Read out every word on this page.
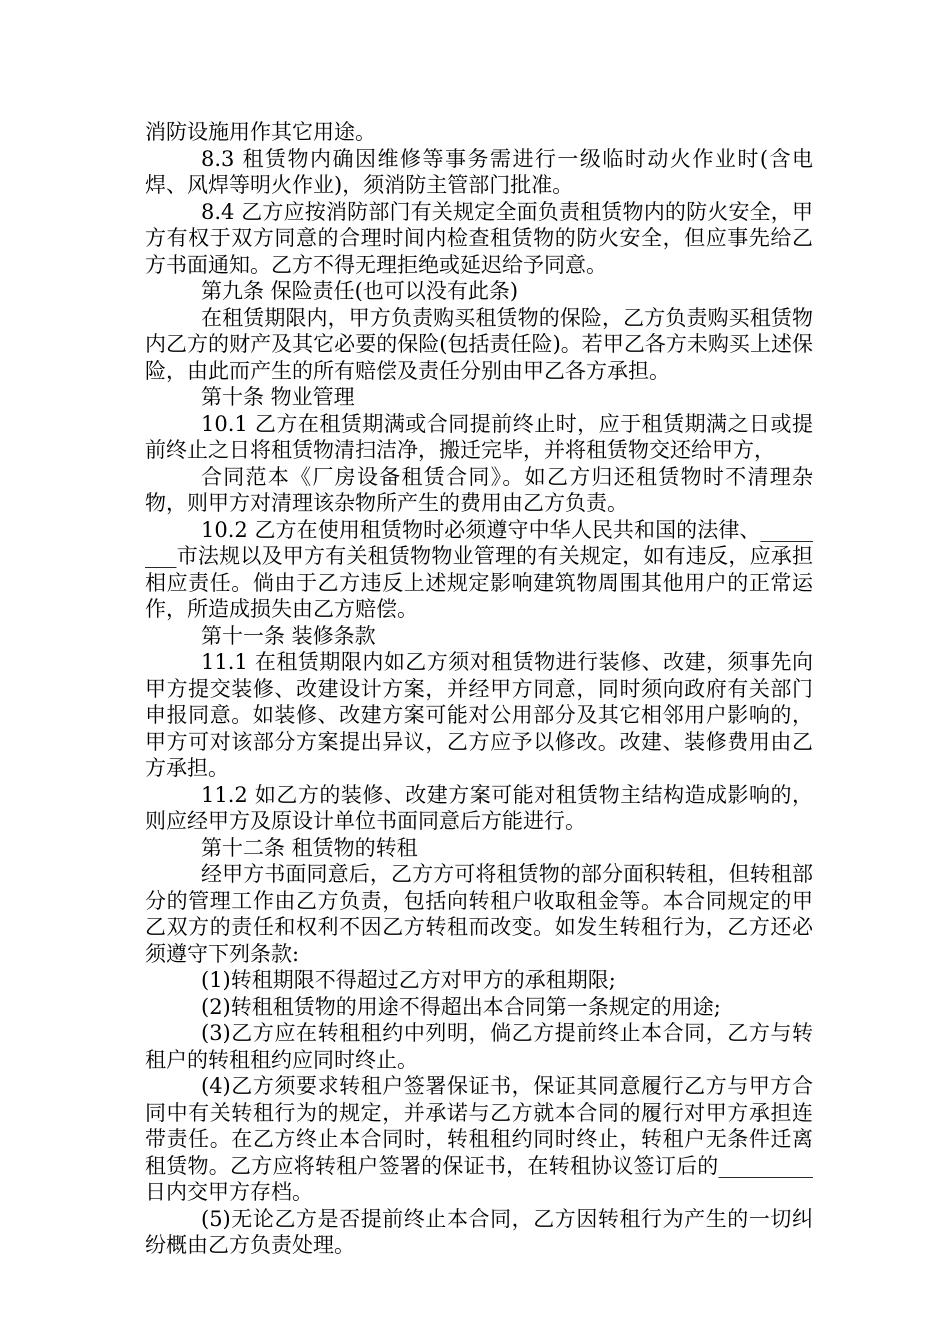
消防设施用作其它用途。

8.3 租赁物内确因维修等事务需进行一级临时动火作业时(含电焊、风焊等明火作业)，须消防主管部门批准。

8.4 乙方应按消防部门有关规定全面负责租赁物内的防火安全，甲方有权于双方同意的合理时间内检查租赁物的防火安全，但应事先给乙方书面通知。乙方不得无理拒绝或延迟给予同意。

第九条 保险责任(也可以没有此条)

在租赁期限内，甲方负责购买租赁物的保险，乙方负责购买租赁物内乙方的财产及其它必要的保险(包括责任险)。若甲乙各方未购买上述保险，由此而产生的所有赔偿及责任分别由甲乙各方承担。

第十条 物业管理

10.1 乙方在租赁期满或合同提前终止时，应于租赁期满之日或提前终止之日将租赁物清扫洁净，搬迁完毕，并将租赁物交还给甲方，

合同范本《厂房设备租赁合同》。如乙方归还租赁物时不清理杂物，则甲方对清理该杂物所产生的费用由乙方负责。

10.2 乙方在使用租赁物时必须遵守中华人民共和国的法律、________市法规以及甲方有关租赁物物业管理的有关规定，如有违反，应承担相应责任。倘由于乙方违反上述规定影响建筑物周围其他用户的正常运作，所造成损失由乙方赔偿。

第十一条 装修条款

11.1 在租赁期限内如乙方须对租赁物进行装修、改建，须事先向甲方提交装修、改建设计方案，并经甲方同意，同时须向政府有关部门申报同意。如装修、改建方案可能对公用部分及其它相邻用户影响的，甲方可对该部分方案提出异议，乙方应予以修改。改建、装修费用由乙方承担。

11.2 如乙方的装修、改建方案可能对租赁物主结构造成影响的，则应经甲方及原设计单位书面同意后方能进行。

第十二条 租赁物的转租

经甲方书面同意后，乙方方可将租赁物的部分面积转租，但转租部分的管理工作由乙方负责，包括向转租户收取租金等。本合同规定的甲乙双方的责任和权利不因乙方转租而改变。如发生转租行为，乙方还必须遵守下列条款:

(1)转租期限不得超过乙方对甲方的承租期限;

(2)转租租赁物的用途不得超出本合同第一条规定的用途;

(3)乙方应在转租租约中列明，倘乙方提前终止本合同，乙方与转租户的转租租约应同时终止。

(4)乙方须要求转租户签署保证书，保证其同意履行乙方与甲方合同中有关转租行为的规定，并承诺与乙方就本合同的履行对甲方承担连带责任。在乙方终止本合同时，转租租约同时终止，转租户无条件迁离租赁物。乙方应将转租户签署的保证书，在转租协议签订后的_________日内交甲方存档。

(5)无论乙方是否提前终止本合同，乙方因转租行为产生的一切纠纷概由乙方负责处理。
